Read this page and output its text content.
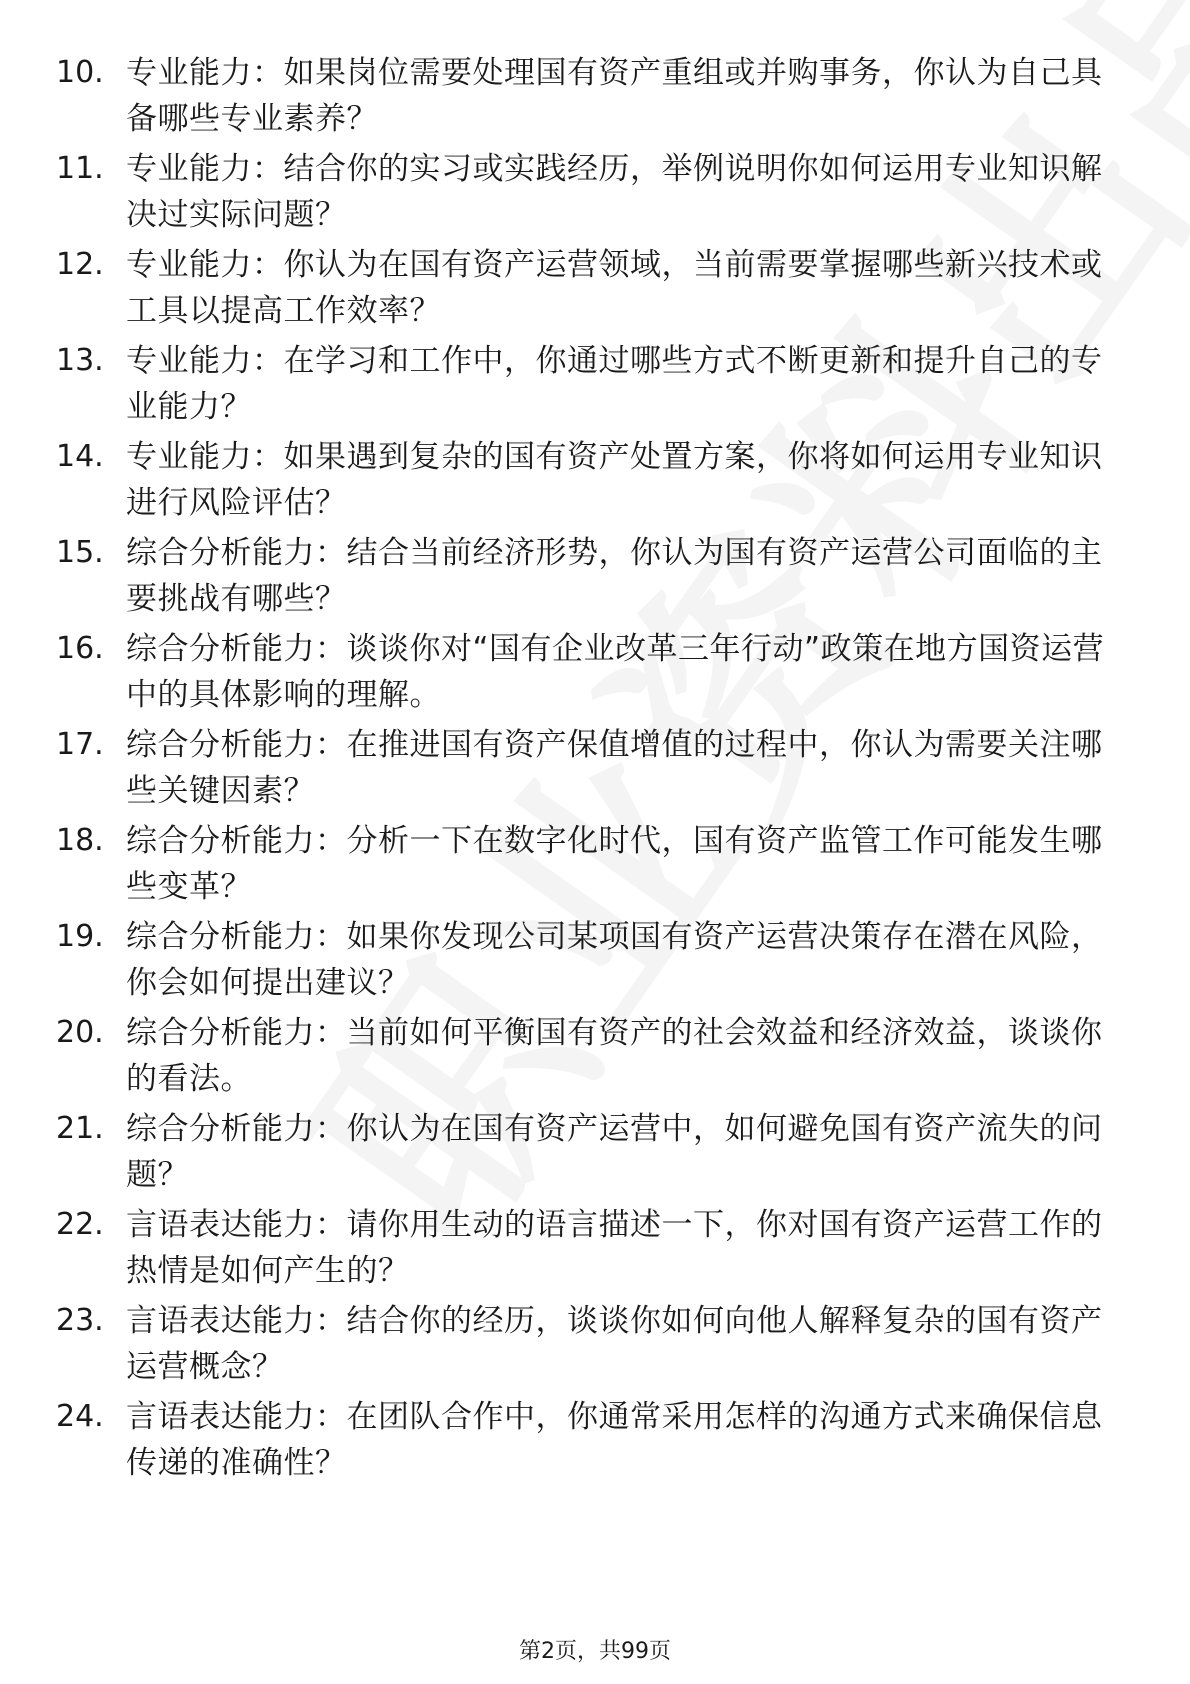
10. 专业能力：如果岗位需要处理国有资产重组或并购事务，你认为自己具备哪些专业素养？
11. 专业能力：结合你的实习或实践经历，举例说明你如何运用专业知识解决过实际问题？
12. 专业能力：你认为在国有资产运营领域，当前需要掌握哪些新兴技术或工具以提高工作效率？
13. 专业能力：在学习和工作中，你通过哪些方式不断更新和提升自己的专业能力？
14. 专业能力：如果遇到复杂的国有资产处置方案，你将如何运用专业知识进行风险评估？
15. 综合分析能力：结合当前经济形势，你认为国有资产运营公司面临的主要挑战有哪些？
16. 综合分析能力：谈谈你对“国有企业改革三年行动”政策在地方国资运营中的具体影响的理解。
17. 综合分析能力：在推进国有资产保值增值的过程中，你认为需要关注哪些关键因素？
18. 综合分析能力：分析一下在数字化时代，国有资产监管工作可能发生哪些变革？
19. 综合分析能力：如果你发现公司某项国有资产运营决策存在潜在风险，你会如何提出建议？
20. 综合分析能力：当前如何平衡国有资产的社会效益和经济效益，谈谈你的看法。
21. 综合分析能力：你认为在国有资产运营中，如何避免国有资产流失的问题？
22. 言语表达能力：请你用生动的语言描述一下，你对国有资产运营工作的热情是如何产生的？
23. 言语表达能力：结合你的经历，谈谈你如何向他人解释复杂的国有资产运营概念？
24. 言语表达能力：在团队合作中，你通常采用怎样的沟通方式来确保信息传递的准确性？
第2页，共99页
